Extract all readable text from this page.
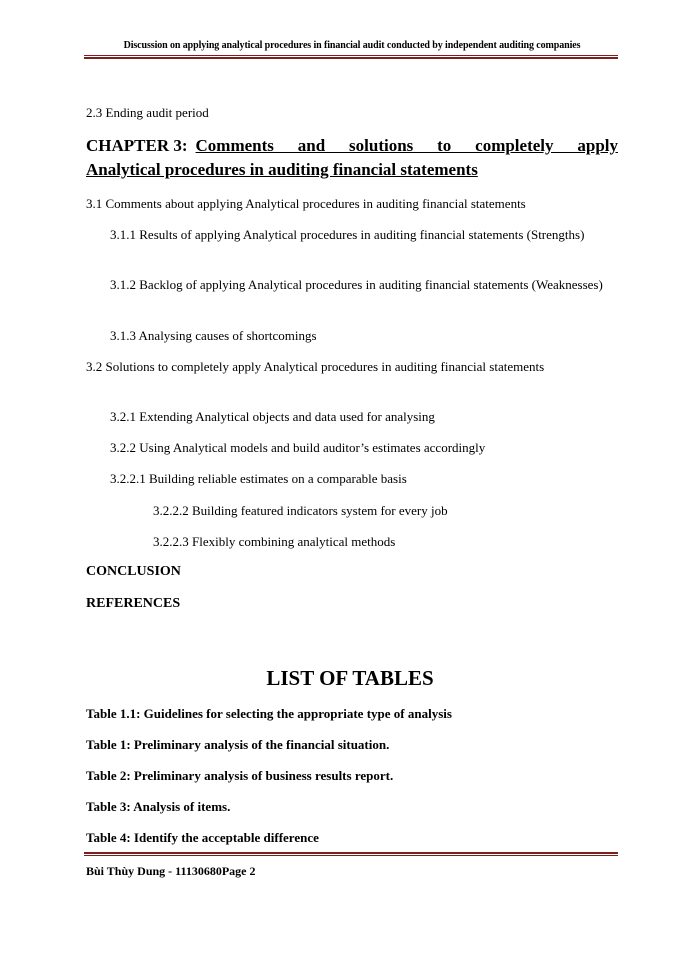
Discussion on applying analytical procedures in financial audit conducted by independent auditing companies
2.3 Ending audit period
CHAPTER 3: Comments and solutions to completely apply
Analytical procedures in auditing financial statements
3.1 Comments about applying Analytical procedures in auditing financial statements
3.1.1 Results of applying Analytical procedures in auditing financial statements (Strengths)
3.1.2 Backlog of applying Analytical procedures in auditing financial statements (Weaknesses)
3.1.3 Analysing causes of shortcomings
3.2 Solutions to completely apply Analytical procedures in auditing financial statements
3.2.1 Extending Analytical objects and data used for analysing
3.2.2 Using Analytical models and build auditor’s estimates accordingly
3.2.2.1 Building reliable estimates on a comparable basis
3.2.2.2 Building featured indicators system for every job
3.2.2.3 Flexibly combining analytical methods
CONCLUSION
REFERENCES
LIST OF TABLES
Table 1.1: Guidelines for selecting the appropriate type of analysis
Table 1: Preliminary analysis of the financial situation.
Table 2: Preliminary analysis of business results report.
Table 3: Analysis of items.
Table 4: Identify the acceptable difference
Bùi Thùy Dung - 11130680Page 2
